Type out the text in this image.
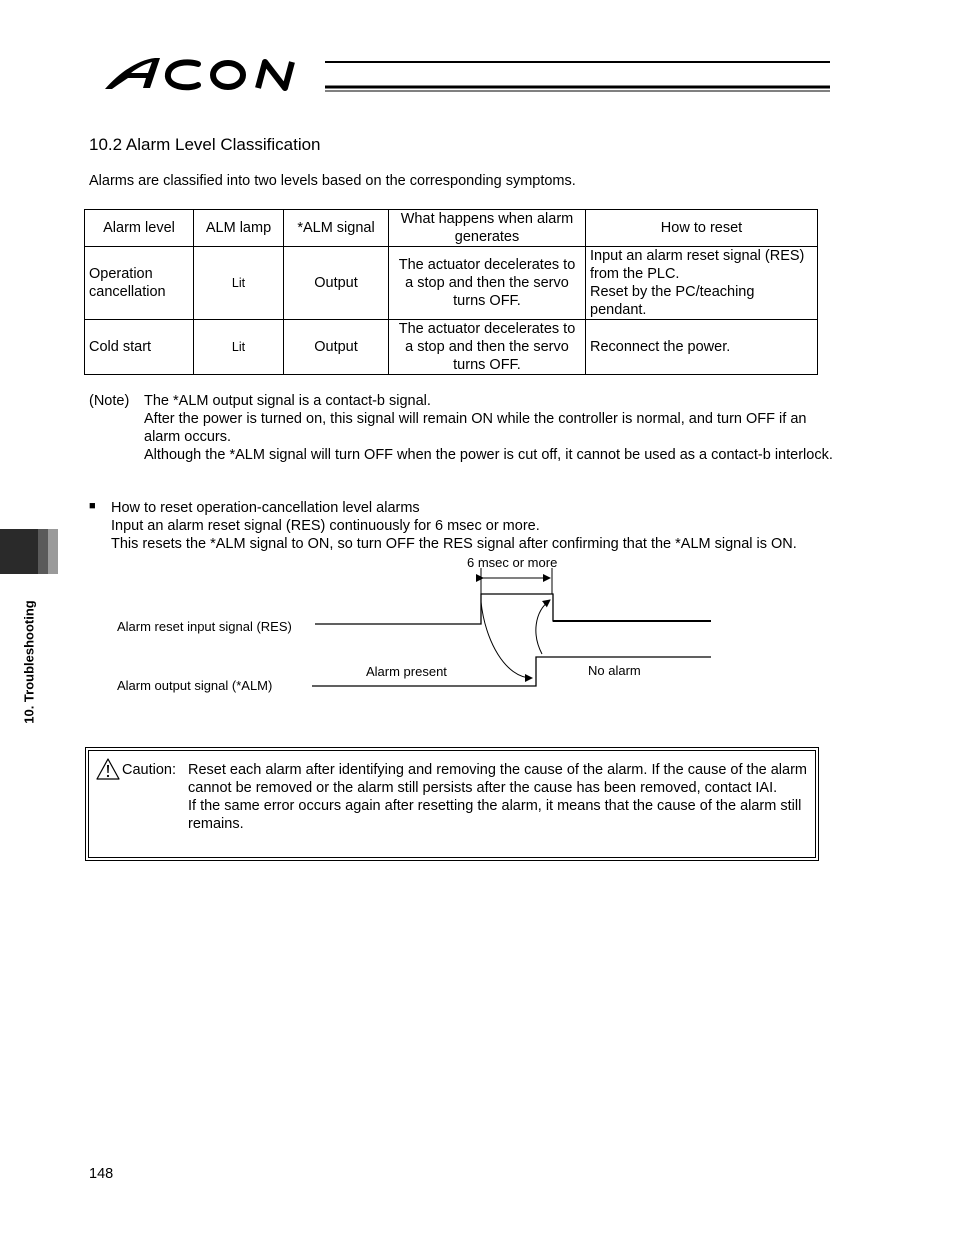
10.2 Alarm Level Classification
Alarms are classified into two levels based on the corresponding symptoms.
Alarm level	ALM lamp	*ALM signal	What happens when alarm generates	How to reset
Operation cancellation	Lit	Output	The actuator decelerates to a stop and then the servo turns OFF.	Input an alarm reset signal (RES) from the PLC.
Reset by the PC/teaching pendant.
Cold start	Lit	Output	The actuator decelerates to a stop and then the servo turns OFF.	Reconnect the power.
(Note) The *ALM output signal is a contact-b signal.
After the power is turned on, this signal will remain ON while the controller is normal, and turn OFF if an alarm occurs.
Although the *ALM signal will turn OFF when the power is cut off, it cannot be used as a contact-b interlock.
■ How to reset operation-cancellation level alarms
Input an alarm reset signal (RES) continuously for 6 msec or more.
This resets the *ALM signal to ON, so turn OFF the RES signal after confirming that the *ALM signal is ON.
10. Troubleshooting
6 msec or more
Alarm reset input signal (RES)
Alarm output signal (*ALM)
Alarm present	No alarm
Caution: Reset each alarm after identifying and removing the cause of the alarm. If the cause of the alarm cannot be removed or the alarm still persists after the cause has been removed, contact IAI.
If the same error occurs again after resetting the alarm, it means that the cause of the alarm still remains.
148
